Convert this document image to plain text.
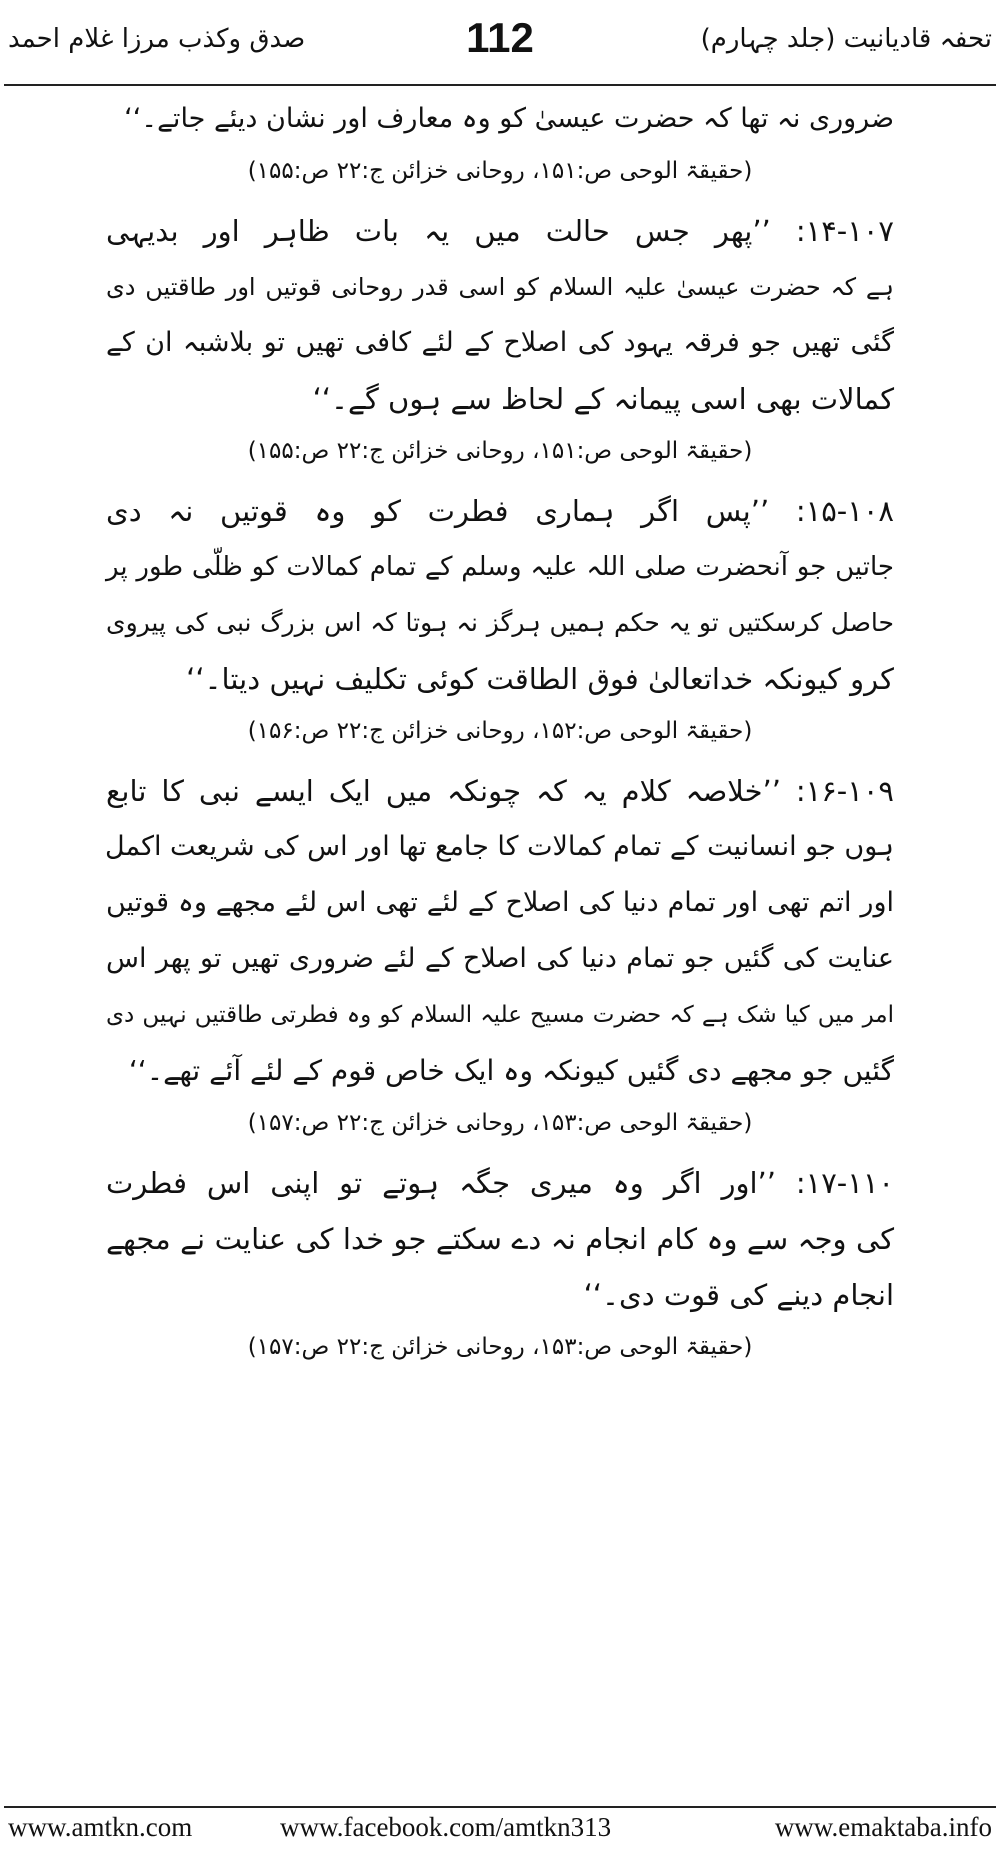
تحفہ قادیانیت (جلد چہارم)
112
صدق وکذب مرزا غلام احمد
ضروری نہ تھا کہ حضرت عیسیٰ کو وہ معارف اور نشان دیئے جاتے۔‘‘
(حقیقۃ الوحی ص:۱۵۱، روحانی خزائن ج:۲۲ ص:۱۵۵)
۱۴-۱۰۷: ’’پھر جس حالت میں یہ بات ظاہر اور بدیہی
ہے کہ حضرت عیسیٰ علیہ السلام کو اسی قدر روحانی قوتیں اور طاقتیں دی
گئی تھیں جو فرقہ یہود کی اصلاح کے لئے کافی تھیں تو بلاشبہ ان کے
کمالات بھی اسی پیمانہ کے لحاظ سے ہوں گے۔‘‘
(حقیقۃ الوحی ص:۱۵۱، روحانی خزائن ج:۲۲ ص:۱۵۵)
۱۵-۱۰۸: ’’پس اگر ہماری فطرت کو وہ قوتیں نہ دی
جاتیں جو آنحضرت صلی اللہ علیہ وسلم کے تمام کمالات کو ظلّی طور پر
حاصل کرسکتیں تو یہ حکم ہمیں ہرگز نہ ہوتا کہ اس بزرگ نبی کی پیروی
کرو کیونکہ خداتعالیٰ فوق الطاقت کوئی تکلیف نہیں دیتا۔‘‘
(حقیقۃ الوحی ص:۱۵۲، روحانی خزائن ج:۲۲ ص:۱۵۶)
۱۶-۱۰۹: ’’خلاصہ کلام یہ کہ چونکہ میں ایک ایسے نبی کا تابع
ہوں جو انسانیت کے تمام کمالات کا جامع تھا اور اس کی شریعت اکمل
اور اتم تھی اور تمام دنیا کی اصلاح کے لئے تھی اس لئے مجھے وہ قوتیں
عنایت کی گئیں جو تمام دنیا کی اصلاح کے لئے ضروری تھیں تو پھر اس
امر میں کیا شک ہے کہ حضرت مسیح علیہ السلام کو وہ فطرتی طاقتیں نہیں دی
گئیں جو مجھے دی گئیں کیونکہ وہ ایک خاص قوم کے لئے آئے تھے۔‘‘
(حقیقۃ الوحی ص:۱۵۳، روحانی خزائن ج:۲۲ ص:۱۵۷)
۱۷-۱۱۰: ’’اور اگر وہ میری جگہ ہوتے تو اپنی اس فطرت
کی وجہ سے وہ کام انجام نہ دے سکتے جو خدا کی عنایت نے مجھے
انجام دینے کی قوت دی۔‘‘
(حقیقۃ الوحی ص:۱۵۳، روحانی خزائن ج:۲۲ ص:۱۵۷)
www.amtkn.com	www.facebook.com/amtkn313	www.emaktaba.info
